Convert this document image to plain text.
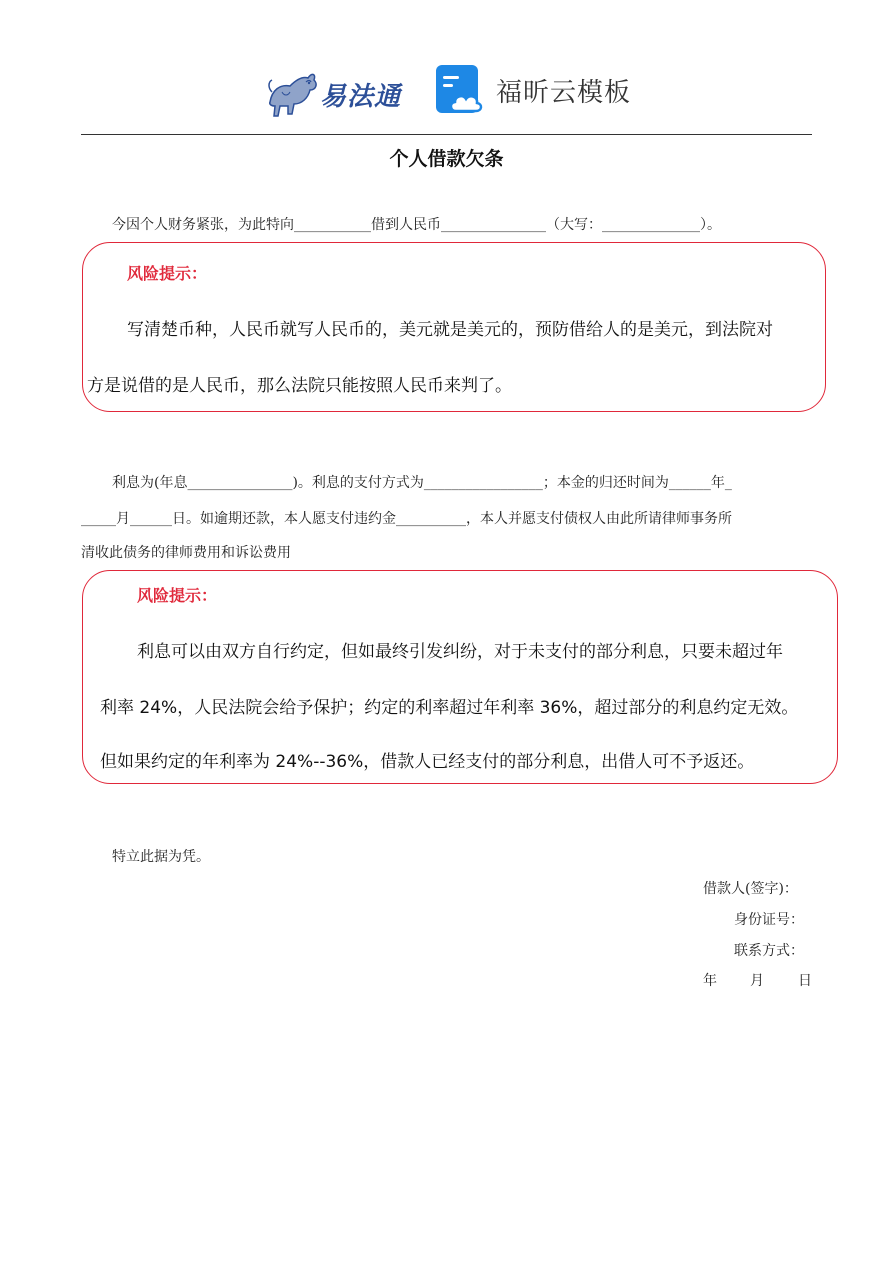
易法通	福昕云模板
个人借款欠条
今因个人财务紧张，为此特向___________借到人民币_______________（大写：______________）。
风险提示：
写清楚币种，人民币就写人民币的，美元就是美元的，预防借给人的是美元，到法院对
方是说借的是人民币，那么法院只能按照人民币来判了。
利息为(年息_______________)。利息的支付方式为_________________；本金的归还时间为______年_
_____月______日。如逾期还款，本人愿支付违约金__________，本人并愿支付债权人由此所请律师事务所
清收此债务的律师费用和诉讼费用
风险提示：
利息可以由双方自行约定，但如最终引发纠纷，对于未支付的部分利息，只要未超过年
利率 24%，人民法院会给予保护；约定的利率超过年利率 36%，超过部分的利息约定无效。
但如果约定的年利率为 24%--36%，借款人已经支付的部分利息，出借人可不予返还。
特立此据为凭。
借款人(签字)：
身份证号：
联系方式：
年 月 日
